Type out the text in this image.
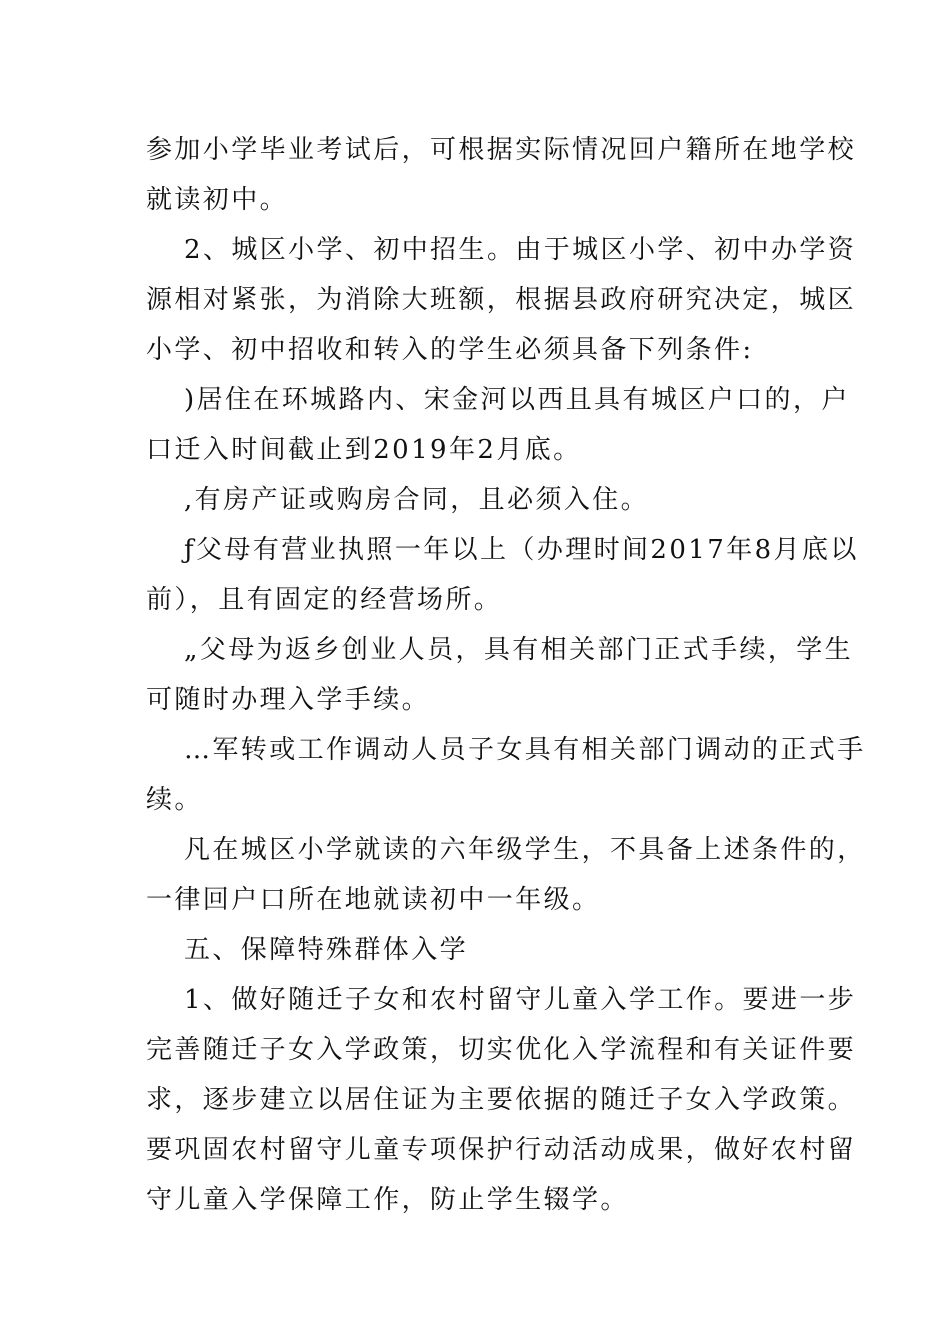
参加小学毕业考试后，可根据实际情况回户籍所在地学校
就读初中。
2、城区小学、初中招生。由于城区小学、初中办学资
源相对紧张，为消除大班额，根据县政府研究决定，城区
小学、初中招收和转入的学生必须具备下列条件:
)居住在环城路内、宋金河以西且具有城区户口的，户
口迁入时间截止到2019年2月底。
,有房产证或购房合同，且必须入住。
ƒ父母有营业执照一年以上（办理时间2017年8月底以
前），且有固定的经营场所。
„父母为返乡创业人员，具有相关部门正式手续，学生
可随时办理入学手续。
…军转或工作调动人员子女具有相关部门调动的正式手
续。
凡在城区小学就读的六年级学生，不具备上述条件的，
一律回户口所在地就读初中一年级。
五、保障特殊群体入学
1、做好随迁子女和农村留守儿童入学工作。要进一步
完善随迁子女入学政策，切实优化入学流程和有关证件要
求，逐步建立以居住证为主要依据的随迁子女入学政策。
要巩固农村留守儿童专项保护行动活动成果，做好农村留
守儿童入学保障工作，防止学生辍学。
